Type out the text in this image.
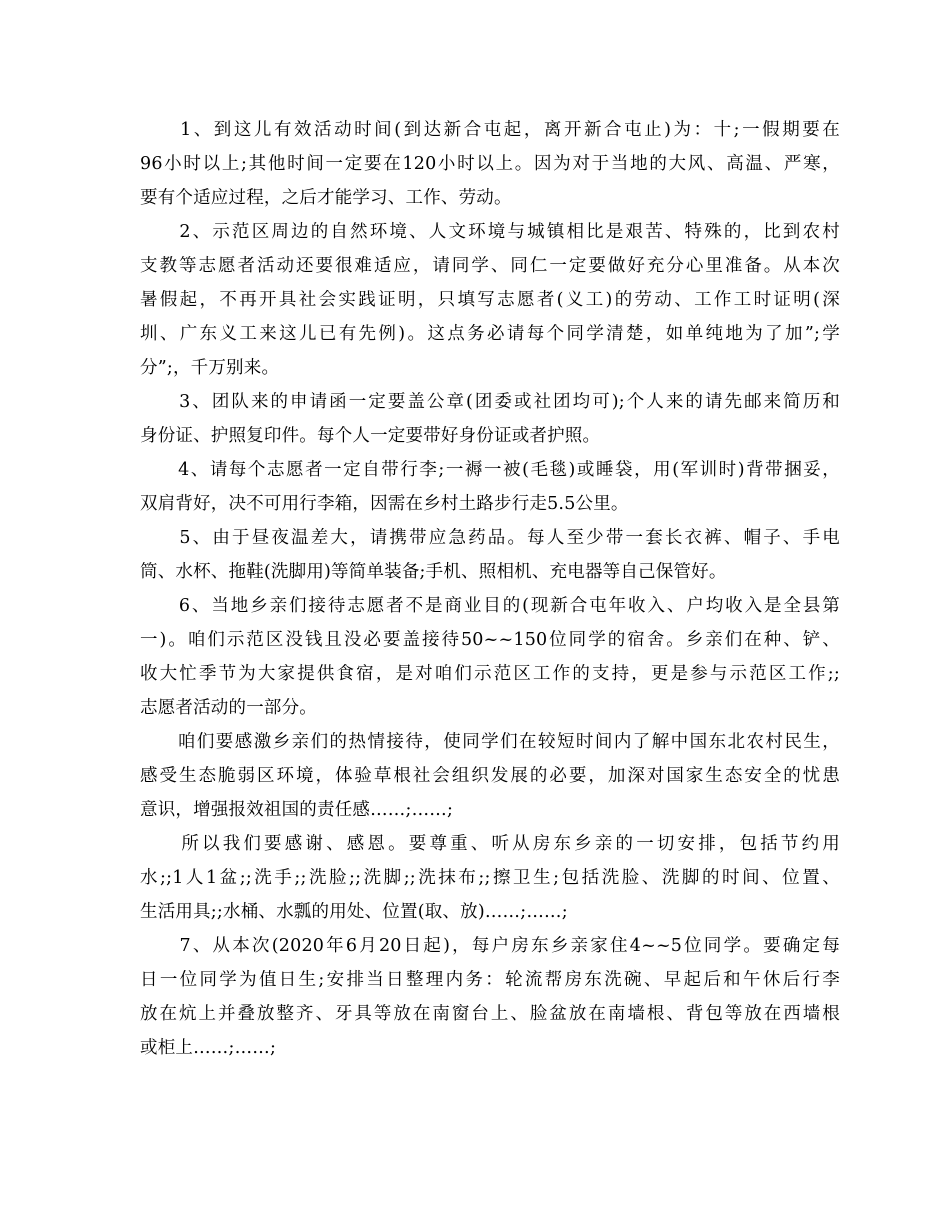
　　1、到这儿有效活动时间(到达新合屯起，离开新合屯止)为：十;一假期要在
96小时以上;其他时间一定要在120小时以上。因为对于当地的大风、高温、严寒，
要有个适应过程，之后才能学习、工作、劳动。
　　2、示范区周边的自然环境、人文环境与城镇相比是艰苦、特殊的，比到农村
支教等志愿者活动还要很难适应，请同学、同仁一定要做好充分心里准备。从本次
暑假起，不再开具社会实践证明，只填写志愿者(义工)的劳动、工作工时证明(深
圳、广东义工来这儿已有先例)。这点务必请每个同学清楚，如单纯地为了加”;学
分”;，千万别来。
　　3、团队来的申请函一定要盖公章(团委或社团均可);个人来的请先邮来简历和
身份证、护照复印件。每个人一定要带好身份证或者护照。
　　4、请每个志愿者一定自带行李;一褥一被(毛毯)或睡袋，用(军训时)背带捆妥，
双肩背好，决不可用行李箱，因需在乡村土路步行走5.5公里。
　　5、由于昼夜温差大，请携带应急药品。每人至少带一套长衣裤、帽子、手电
筒、水杯、拖鞋(洗脚用)等简单装备;手机、照相机、充电器等自己保管好。
　　6、当地乡亲们接待志愿者不是商业目的(现新合屯年收入、户均收入是全县第
一)。咱们示范区没钱且没必要盖接待50~~150位同学的宿舍。乡亲们在种、铲、
收大忙季节为大家提供食宿，是对咱们示范区工作的支持，更是参与示范区工作;;
志愿者活动的一部分。
　　咱们要感激乡亲们的热情接待，使同学们在较短时间内了解中国东北农村民生，
感受生态脆弱区环境，体验草根社会组织发展的必要，加深对国家生态安全的忧患
意识，增强报效祖国的责任感……;……;
　　所以我们要感谢、感恩。要尊重、听从房东乡亲的一切安排，包括节约用
水;;1人1盆;;洗手;;洗脸;;洗脚;;洗抹布;;擦卫生;包括洗脸、洗脚的时间、位置、
生活用具;;水桶、水瓢的用处、位置(取、放)……;……;
　　7、从本次(2020年6月20日起)，每户房东乡亲家住4~~5位同学。要确定每
日一位同学为值日生;安排当日整理内务：轮流帮房东洗碗、早起后和午休后行李
放在炕上并叠放整齐、牙具等放在南窗台上、脸盆放在南墙根、背包等放在西墙根
或柜上……;……;
